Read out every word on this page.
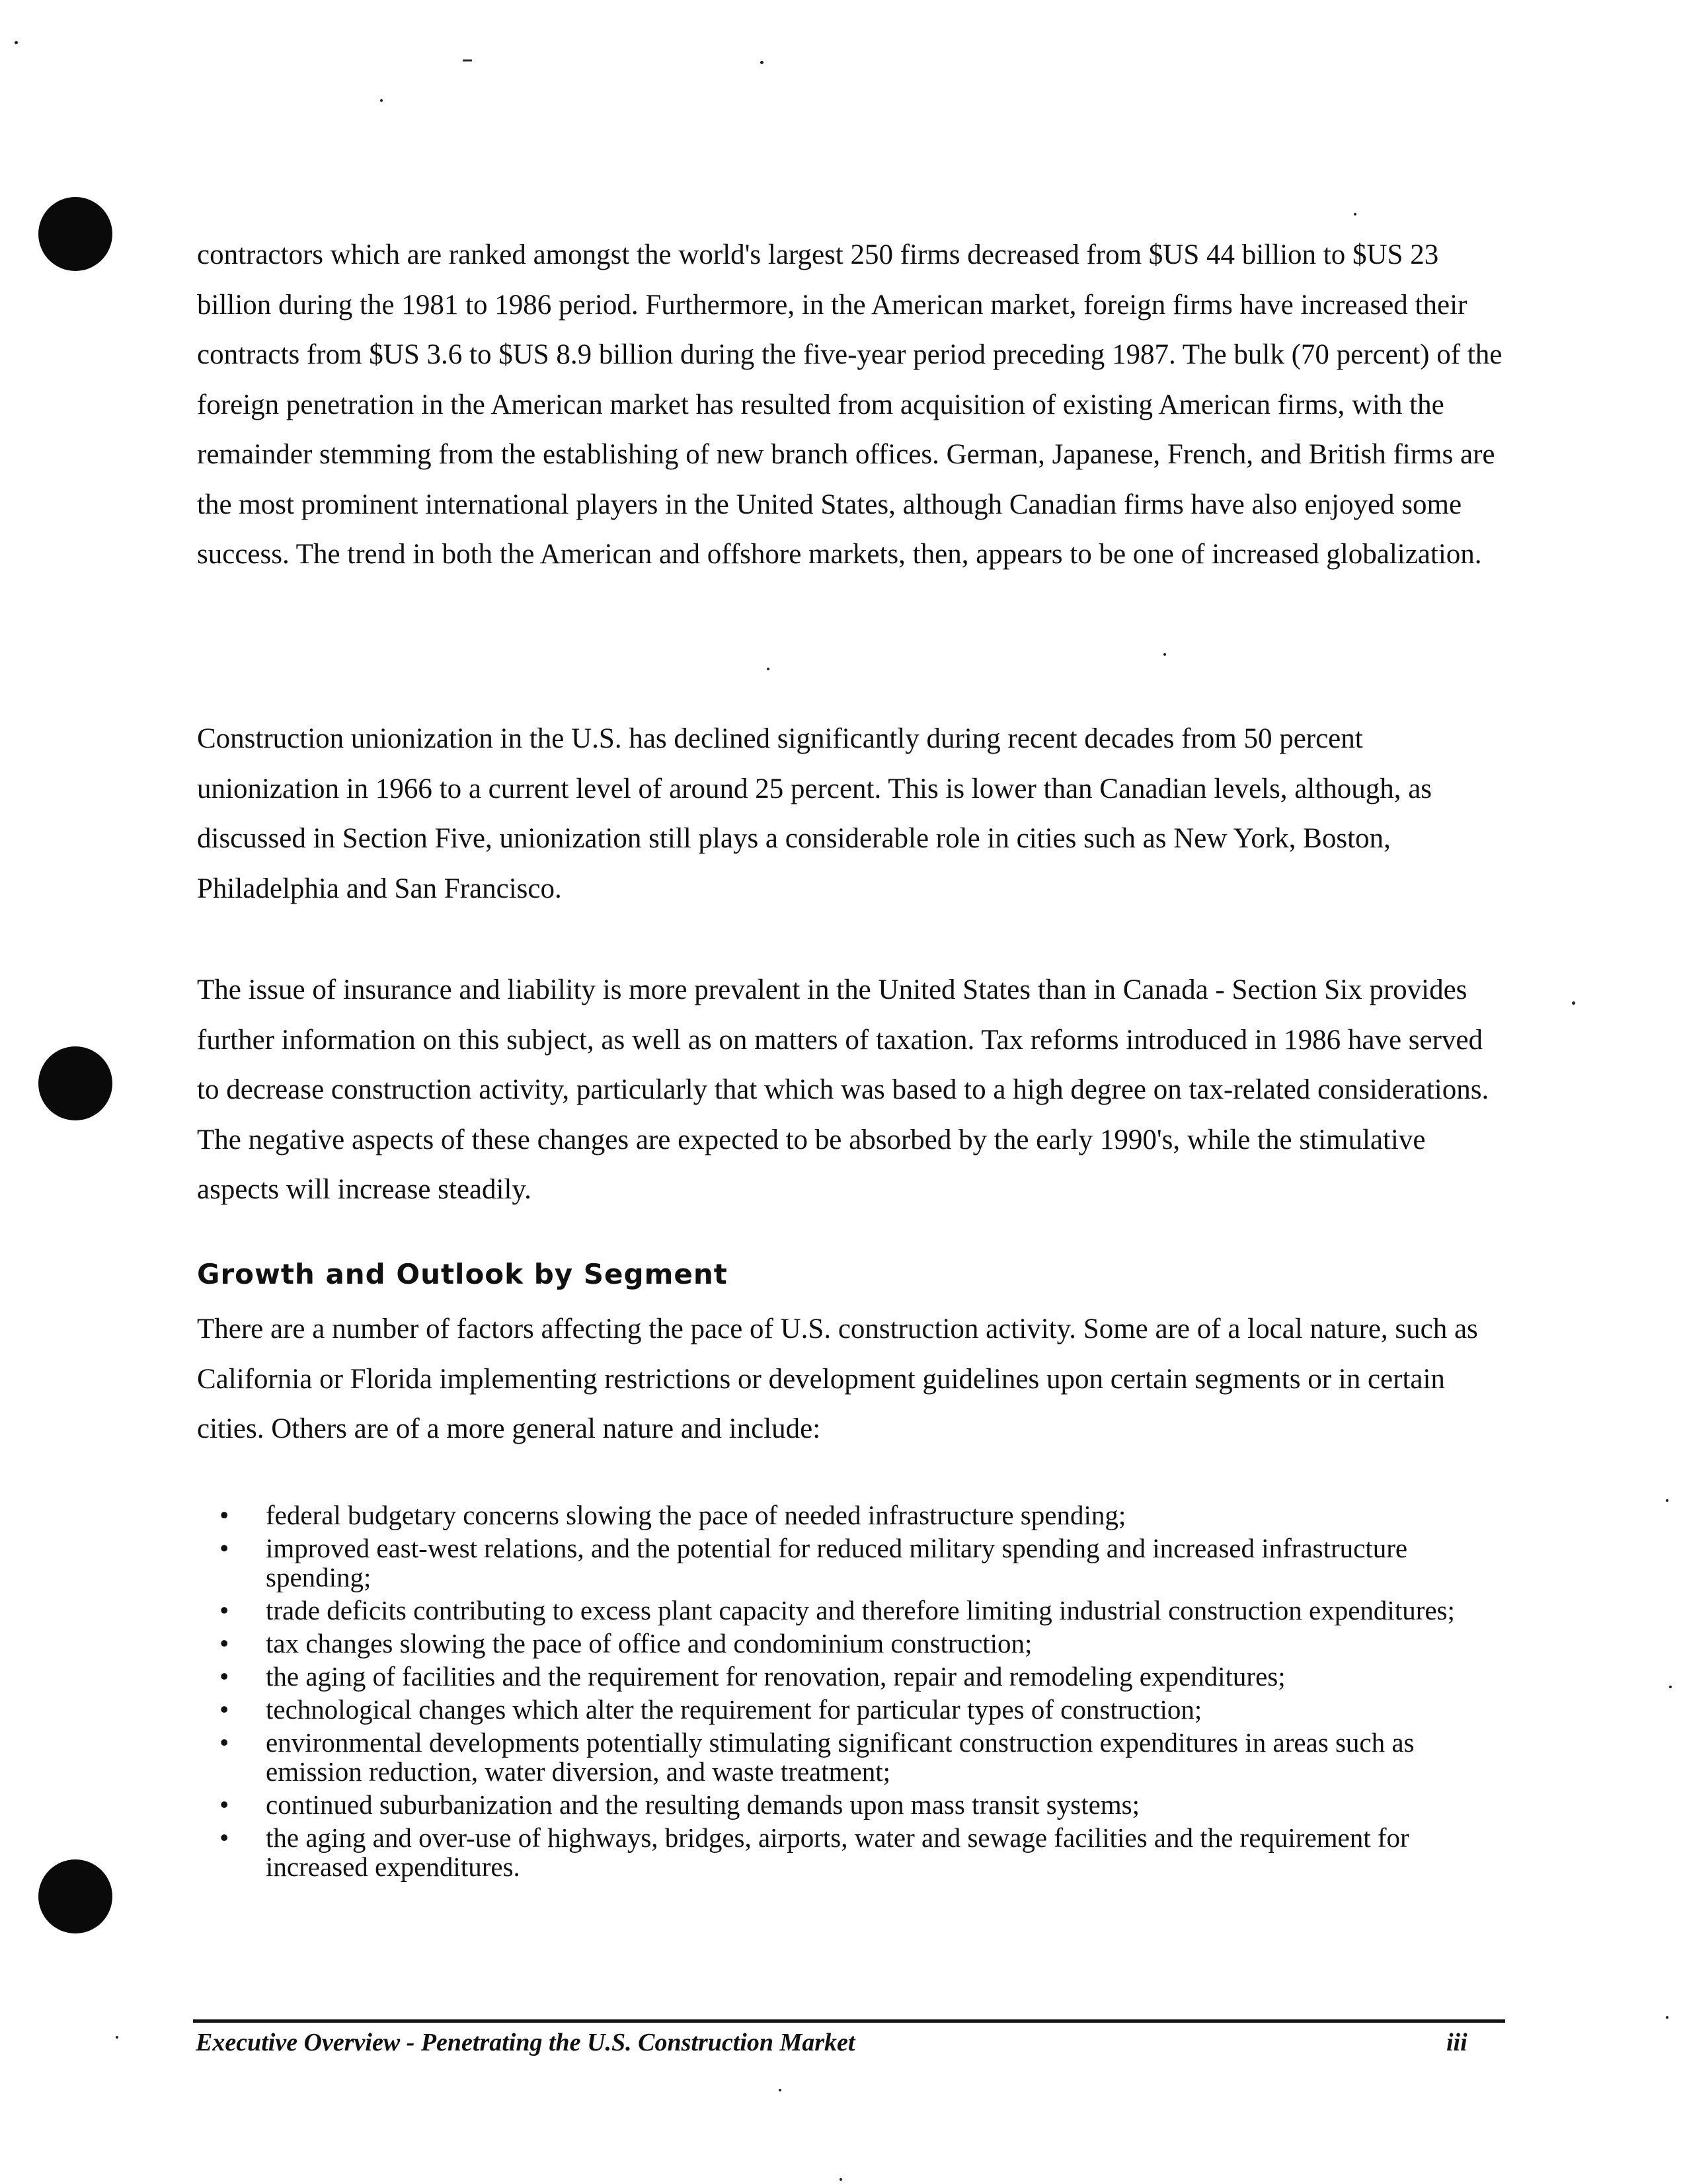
contractors which are ranked amongst the world's largest 250 firms decreased from $US 44 billion to $US 23 billion during the 1981 to 1986 period. Furthermore, in the American market, foreign firms have increased their contracts from $US 3.6 to $US 8.9 billion during the five-year period preceding 1987. The bulk (70 percent) of the foreign penetration in the American market has resulted from acquisition of existing American firms, with the remainder stemming from the establishing of new branch offices. German, Japanese, French, and British firms are the most prominent international players in the United States, although Canadian firms have also enjoyed some success. The trend in both the American and offshore markets, then, appears to be one of increased globalization.

Construction unionization in the U.S. has declined significantly during recent decades from 50 percent unionization in 1966 to a current level of around 25 percent. This is lower than Canadian levels, although, as discussed in Section Five, unionization still plays a considerable role in cities such as New York, Boston, Philadelphia and San Francisco.

The issue of insurance and liability is more prevalent in the United States than in Canada - Section Six provides further information on this subject, as well as on matters of taxation. Tax reforms introduced in 1986 have served to decrease construction activity, particularly that which was based to a high degree on tax-related considerations. The negative aspects of these changes are expected to be absorbed by the early 1990's, while the stimulative aspects will increase steadily.

Growth and Outlook by Segment

There are a number of factors affecting the pace of U.S. construction activity. Some are of a local nature, such as California or Florida implementing restrictions or development guidelines upon certain segments or in certain cities. Others are of a more general nature and include:

• federal budgetary concerns slowing the pace of needed infrastructure spending;
• improved east-west relations, and the potential for reduced military spending and increased infrastructure spending;
• trade deficits contributing to excess plant capacity and therefore limiting industrial construction expenditures;
• tax changes slowing the pace of office and condominium construction;
• the aging of facilities and the requirement for renovation, repair and remodeling expenditures;
• technological changes which alter the requirement for particular types of construction;
• environmental developments potentially stimulating significant construction expenditures in areas such as emission reduction, water diversion, and waste treatment;
• continued suburbanization and the resulting demands upon mass transit systems;
• the aging and over-use of highways, bridges, airports, water and sewage facilities and the requirement for increased expenditures.
Executive Overview - Penetrating the U.S. Construction Market	iii
